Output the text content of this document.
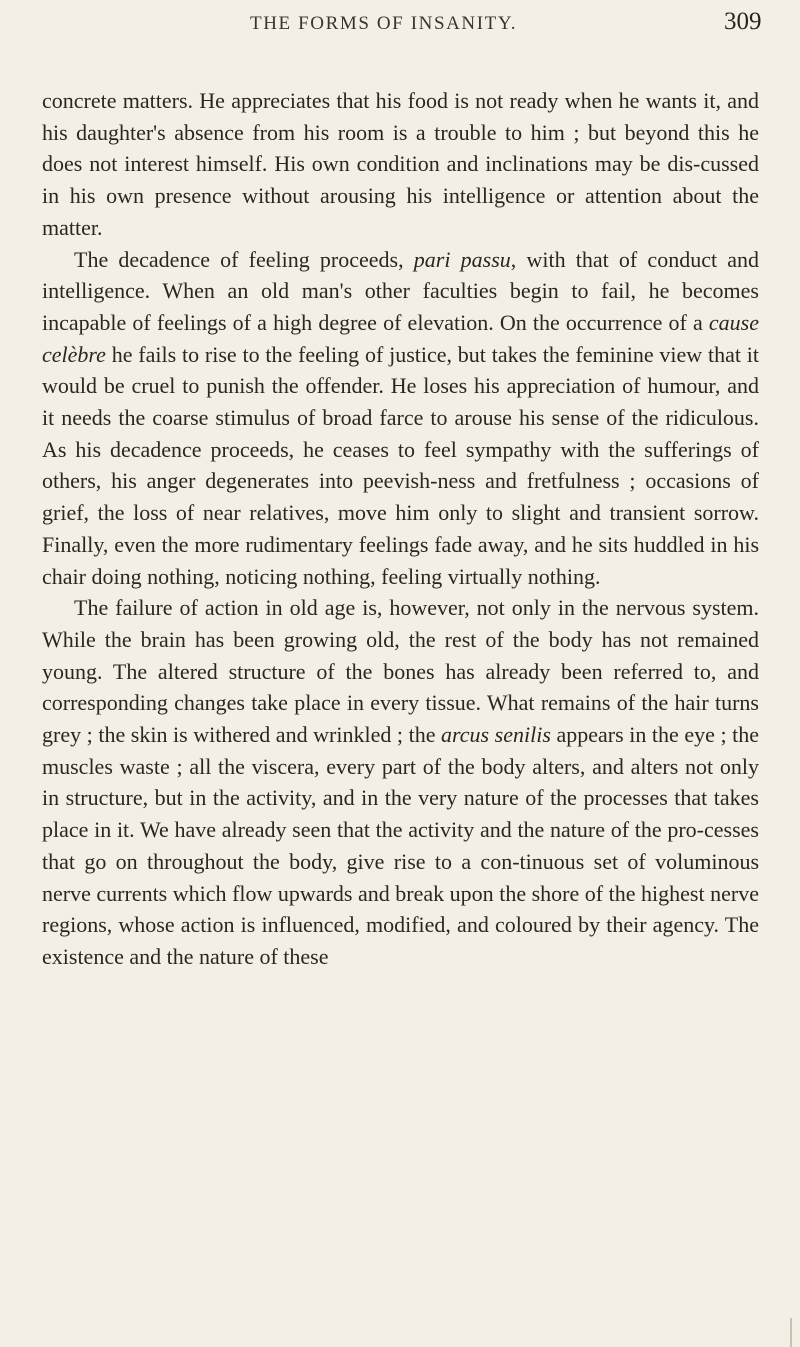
THE FORMS OF INSANITY.	309

concrete matters. He appreciates that his food is not ready when he wants it, and his daughter's absence from his room is a trouble to him ; but beyond this he does not interest himself. His own condition and inclinations may be dis-cussed in his own presence without arousing his intelligence or attention about the matter.

The decadence of feeling proceeds, pari passu, with that of conduct and intelligence. When an old man's other faculties begin to fail, he becomes incapable of feelings of a high degree of elevation. On the occurrence of a cause celèbre he fails to rise to the feeling of justice, but takes the feminine view that it would be cruel to punish the offender. He loses his appreciation of humour, and it needs the coarse stimulus of broad farce to arouse his sense of the ridiculous. As his decadence proceeds, he ceases to feel sympathy with the sufferings of others, his anger degenerates into peevish-ness and fretfulness ; occasions of grief, the loss of near relatives, move him only to slight and transient sorrow. Finally, even the more rudimentary feelings fade away, and he sits huddled in his chair doing nothing, noticing nothing, feeling virtually nothing.

The failure of action in old age is, however, not only in the nervous system. While the brain has been growing old, the rest of the body has not remained young. The altered structure of the bones has already been referred to, and corresponding changes take place in every tissue. What remains of the hair turns grey ; the skin is withered and wrinkled ; the arcus senilis appears in the eye ; the muscles waste ; all the viscera, every part of the body alters, and alters not only in structure, but in the activity, and in the very nature of the processes that takes place in it. We have already seen that the activity and the nature of the pro-cesses that go on throughout the body, give rise to a con-tinuous set of voluminous nerve currents which flow upwards and break upon the shore of the highest nerve regions, whose action is influenced, modified, and coloured by their agency. The existence and the nature of these
